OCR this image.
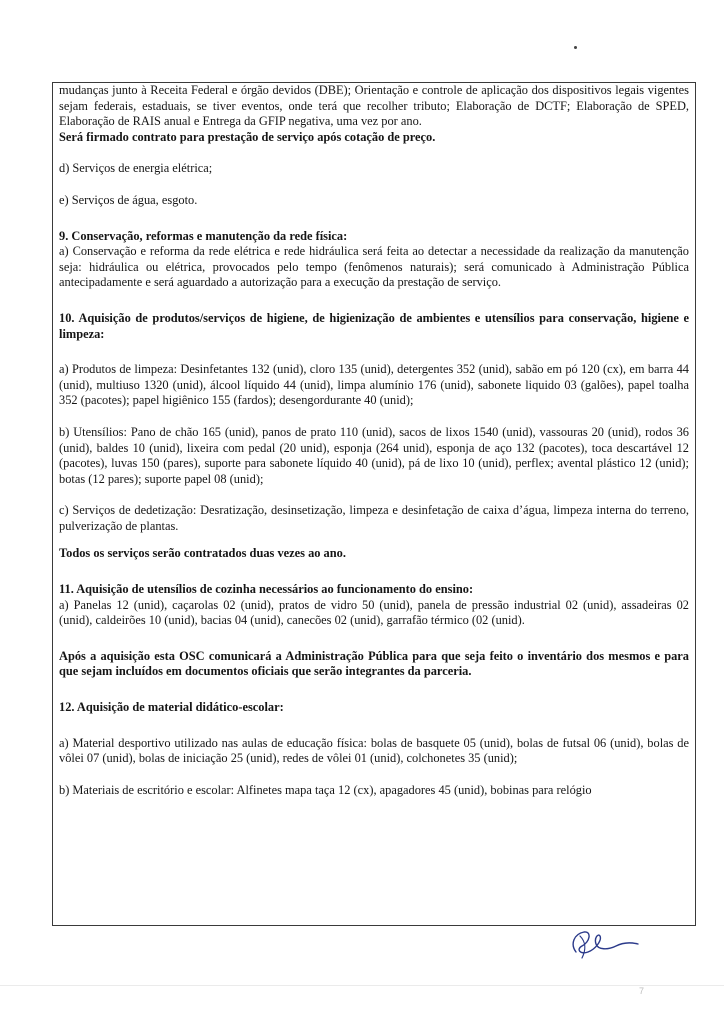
mudanças junto à Receita Federal e órgão devidos (DBE); Orientação e controle de aplicação dos dispositivos legais vigentes sejam federais, estaduais, se tiver eventos, onde terá que recolher tributo; Elaboração de DCTF; Elaboração de SPED, Elaboração de RAIS anual e Entrega da GFIP negativa, uma vez por ano.

Será firmado contrato para prestação de serviço após cotação de preço.

d) Serviços de energia elétrica;

e) Serviços de água, esgoto.

9. Conservação, reformas e manutenção da rede física:

a) Conservação e reforma da rede elétrica e rede hidráulica será feita ao detectar a necessidade da realização da manutenção seja: hidráulica ou elétrica, provocados pelo tempo (fenômenos naturais); será comunicado à Administração Pública antecipadamente e será aguardado a autorização para a execução da prestação de serviço.

10. Aquisição de produtos/serviços de higiene, de higienização de ambientes e utensílios para conservação, higiene e limpeza:

a) Produtos de limpeza: Desinfetantes 132 (unid), cloro 135 (unid), detergentes 352 (unid), sabão em pó 120 (cx), em barra 44 (unid), multiuso 1320 (unid), álcool líquido 44 (unid), limpa alumínio 176 (unid), sabonete liquido 03 (galões), papel toalha 352 (pacotes); papel higiênico 155 (fardos); desengordurante 40 (unid);

b) Utensílios: Pano de chão 165 (unid), panos de prato 110 (unid), sacos de lixos 1540 (unid), vassouras 20 (unid), rodos 36 (unid), baldes 10 (unid), lixeira com pedal (20 unid), esponja (264 unid), esponja de aço 132 (pacotes), toca descartável 12 (pacotes), luvas 150 (pares), suporte para sabonete líquido 40 (unid), pá de lixo 10 (unid), perflex; avental plástico 12 (unid); botas (12 pares); suporte papel 08 (unid);

c) Serviços de dedetização: Desratização, desinsetização, limpeza e desinfetação de caixa d’água, limpeza interna do terreno, pulverização de plantas.

Todos os serviços serão contratados duas vezes ao ano.

11. Aquisição de utensílios de cozinha necessários ao funcionamento do ensino:

a) Panelas 12 (unid), caçarolas 02 (unid), pratos de vidro 50 (unid), panela de pressão industrial 02 (unid), assadeiras 02 (unid), caldeirões 10 (unid), bacias 04 (unid), canecões 02 (unid), garrafão térmico (02 (unid).

Após a aquisição esta OSC comunicará a Administração Pública para que seja feito o inventário dos mesmos e para que sejam incluídos em documentos oficiais que serão integrantes da parceria.

12. Aquisição de material didático-escolar:

a) Material desportivo utilizado nas aulas de educação física: bolas de basquete 05 (unid), bolas de futsal 06 (unid), bolas de vôlei 07 (unid), bolas de iniciação 25 (unid), redes de vôlei 01 (unid), colchonetes 35 (unid);

b) Materiais de escritório e escolar: Alfinetes mapa taça 12 (cx), apagadores 45 (unid), bobinas para relógio

7
